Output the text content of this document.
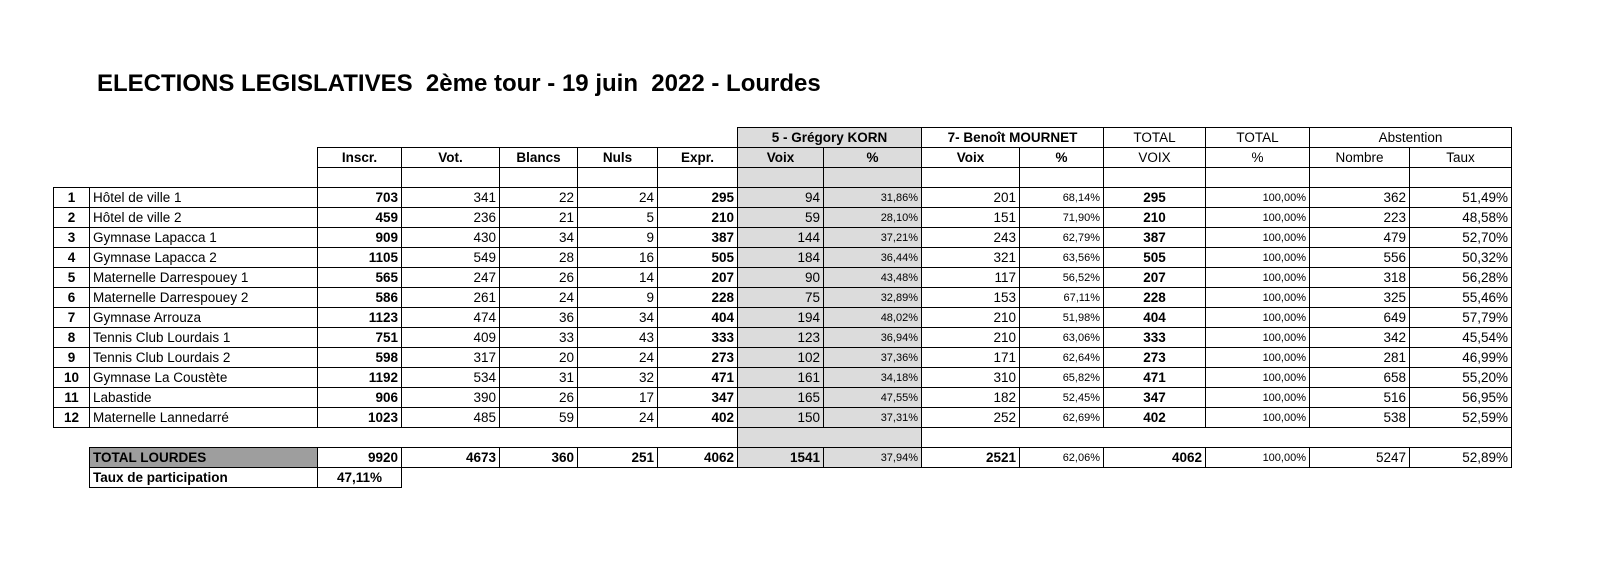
ELECTIONS LEGISLATIVES  2ème tour - 19 juin  2022 - Lourdes
							5 - Grégory KORN		7- Benoît MOURNET		TOTAL	TOTAL	Abstention	
		Inscr.	Vot.	Blancs	Nuls	Expr.	Voix	%	Voix	%	VOIX	%	Nombre	Taux

1	Hôtel de ville 1	703	341	22	24	295	94	31,86%	201	68,14%	295	100,00%	362	51,49%
2	Hôtel de ville 2	459	236	21	5	210	59	28,10%	151	71,90%	210	100,00%	223	48,58%
3	Gymnase Lapacca 1	909	430	34	9	387	144	37,21%	243	62,79%	387	100,00%	479	52,70%
4	Gymnase Lapacca 2	1105	549	28	16	505	184	36,44%	321	63,56%	505	100,00%	556	50,32%
5	Maternelle Darrespouey 1	565	247	26	14	207	90	43,48%	117	56,52%	207	100,00%	318	56,28%
6	Maternelle Darrespouey 2	586	261	24	9	228	75	32,89%	153	67,11%	228	100,00%	325	55,46%
7	Gymnase Arrouza	1123	474	36	34	404	194	48,02%	210	51,98%	404	100,00%	649	57,79%
8	Tennis Club Lourdais 1	751	409	33	43	333	123	36,94%	210	63,06%	333	100,00%	342	45,54%
9	Tennis Club Lourdais 2	598	317	20	24	273	102	37,36%	171	62,64%	273	100,00%	281	46,99%
10	Gymnase La Coustète	1192	534	31	32	471	161	34,18%	310	65,82%	471	100,00%	658	55,20%
11	Labastide	906	390	26	17	347	165	47,55%	182	52,45%	347	100,00%	516	56,95%
12	Maternelle Lannedarré	1023	485	59	24	402	150	37,31%	252	62,69%	402	100,00%	538	52,59%

	TOTAL LOURDES	9920	4673	360	251	4062	1541	37,94%	2521	62,06%	4062	100,00%	5247	52,89%
	Taux de participation	47,11%												
